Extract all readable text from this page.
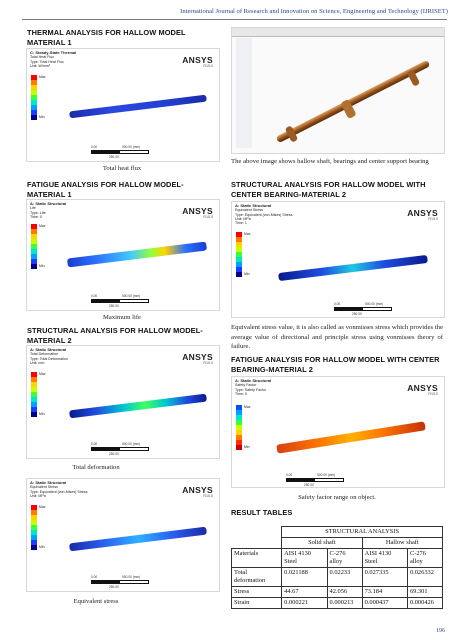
International Journal of Research and Innovation on Science, Engineering and Technology (IJRISET)
THERMAL ANALYSIS FOR HALLOW MODEL MATERIAL 1
C: Steady-State Thermal
Total Heat Flux
Type: Total Heat Flux
Unit: W/mm²
ANSYS
R15.0
Max

Min
0.00	500.00 (mm)
250.00
Total heat flux
FATIGUE ANALYSIS FOR HALLOW MODEL- MATERIAL 1
A: Static Structural
Life
Type: Life
Time: 0
ANSYS
R15.0
Max

Min
0.00	500.00 (mm)
250.00
Maximum life
STRUCTURAL ANALYSIS FOR HALLOW MODEL-MATERIAL 2
A: Static Structural
Total Deformation
Type: Total Deformation
Unit: mm
ANSYS
R15.0
Max

Min
0.00	500.00 (mm)
250.00
Total deformation
A: Static Structural
Equivalent Stress
Type: Equivalent (von-Mises) Stress
Unit: MPa
ANSYS
R15.0
Max

Min
0.00	500.00 (mm)
250.00
Equivalent stress
The above image shows hallow shaft, bearings and center support bearing
STRUCTURAL ANALYSIS FOR HALLOW MODEL WITH CENTER BEARING-MATERIAL 2
A: Static Structural
Equivalent Stress
Type: Equivalent (von-Mises) Stress
Unit: MPa
Time: 1
ANSYS
R15.0
Max

Min
0.00	500.00 (mm)
250.00
Equivalent stress value, it is also called as vonmisses stress which provides the average value of directional and principle stress using vonmisses theory of failure.
FATIGUE ANALYSIS FOR HALLOW MODEL WITH CENTER BEARING-MATERIAL 2
A: Static Structural
Safety Factor
Type: Safety Factor
Time: 0
ANSYS
R15.0
Max

Min
0.00	500.00 (mm)
250.00
Safety factor range on object.
RESULT TABLES
	STRUCTURAL ANALYSIS			
	Solid shaft		Hallow shaft	
Materials	AISI 4130 Steel	C-276 alloy	AISI 4130 Steel	C-276 alloy
Total deformation	0.021188	0.02233	0.027335	0.026332
Stress	44.67	42.056	73.184	69.301
Strain	0.000221	0.000213	0.000437	0.000426
196
